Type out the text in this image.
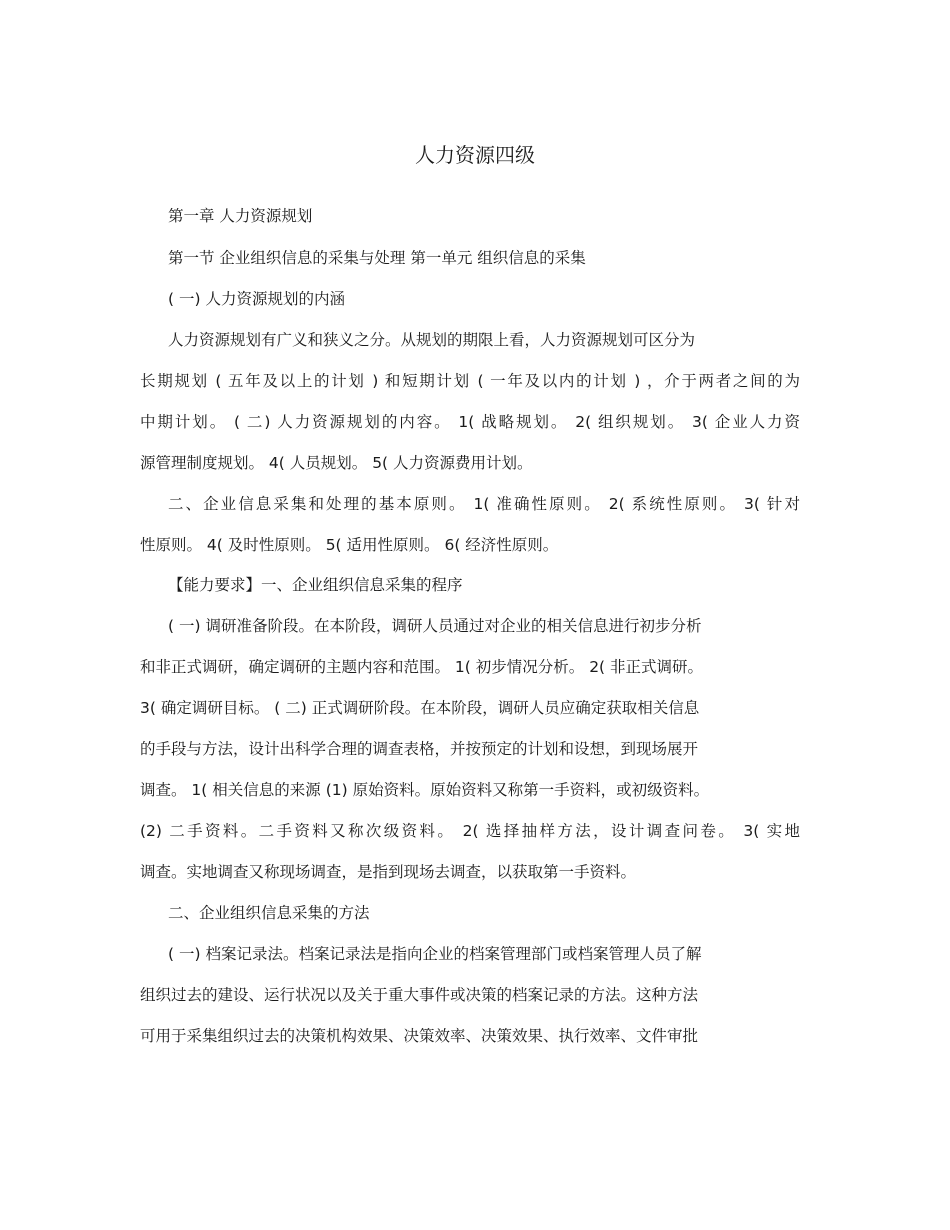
人力资源四级
第一章 人力资源规划
第一节 企业组织信息的采集与处理 第一单元 组织信息的采集
( 一) 人力资源规划的内涵
人力资源规划有广义和狭义之分。从规划的期限上看，人力资源规划可区分为
长期规划 ( 五年及以上的计划 ) 和短期计划 ( 一年及以内的计划 ) ，介于两者之间的为
中期计划。 ( 二) 人力资源规划的内容。 1( 战略规划。 2( 组织规划。 3( 企业人力资
源管理制度规划。 4( 人员规划。 5( 人力资源费用计划。
二、企业信息采集和处理的基本原则。 1( 准确性原则。 2( 系统性原则。 3( 针对
性原则。 4( 及时性原则。 5( 适用性原则。 6( 经济性原则。
【能力要求】一、企业组织信息采集的程序
( 一) 调研准备阶段。在本阶段，调研人员通过对企业的相关信息进行初步分析
和非正式调研，确定调研的主题内容和范围。 1( 初步情况分析。 2( 非正式调研。
3( 确定调研目标。 ( 二) 正式调研阶段。在本阶段，调研人员应确定获取相关信息
的手段与方法，设计出科学合理的调查表格，并按预定的计划和设想，到现场展开
调查。 1( 相关信息的来源 (1) 原始资料。原始资料又称第一手资料，或初级资料。
(2) 二手资料。二手资料又称次级资料。 2( 选择抽样方法，设计调查问卷。 3( 实地
调查。实地调查又称现场调查，是指到现场去调查，以获取第一手资料。
二、企业组织信息采集的方法
( 一) 档案记录法。档案记录法是指向企业的档案管理部门或档案管理人员了解
组织过去的建设、运行状况以及关于重大事件或决策的档案记录的方法。这种方法
可用于采集组织过去的决策机构效果、决策效率、决策效果、执行效率、文件审批
